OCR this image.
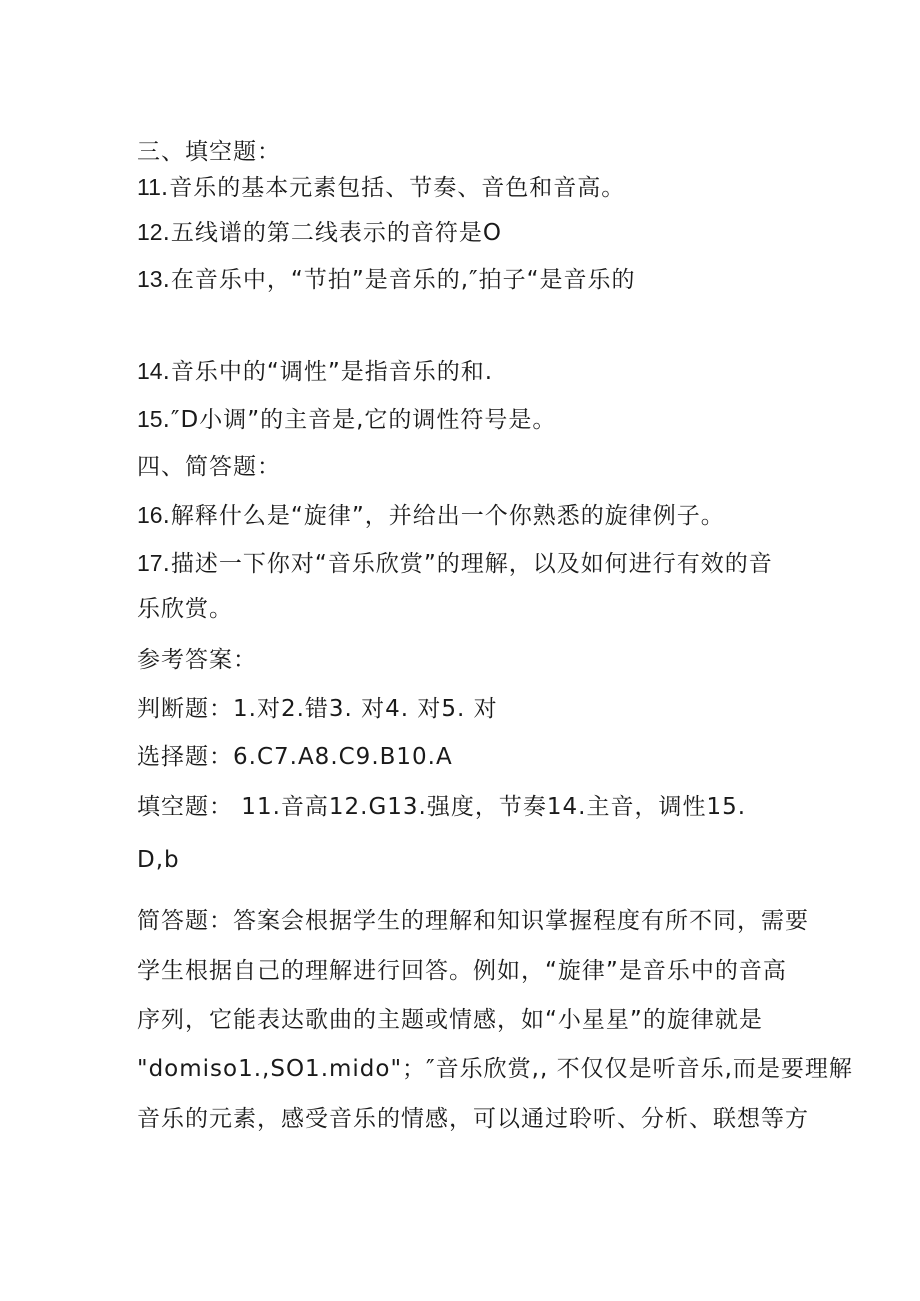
三、填空题：
11.音乐的基本元素包括、节奏、音色和音高。
12.五线谱的第二线表示的音符是O
13.在音乐中，“节拍”是音乐的,″拍子“是音乐的
14.音乐中的“调性”是指音乐的和.
15.″D小调”的主音是,它的调性符号是。
四、简答题：
16.解释什么是“旋律”，并给出一个你熟悉的旋律例子。
17.描述一下你对“音乐欣赏”的理解，以及如何进行有效的音
乐欣赏。
参考答案：
判断题：1.对2.错3. 对4. 对5. 对
选择题：6.C7.A8.C9.B10.A
填空题： 11.音高12.G13.强度，节奏14.主音，调性15.
D,b
简答题：答案会根据学生的理解和知识掌握程度有所不同，需要
学生根据自己的理解进行回答。例如，“旋律”是音乐中的音高
序列，它能表达歌曲的主题或情感，如“小星星”的旋律就是
"domiso1.,SO1.mido"；″音乐欣赏,, 不仅仅是听音乐,而是要理解
音乐的元素，感受音乐的情感，可以通过聆听、分析、联想等方
